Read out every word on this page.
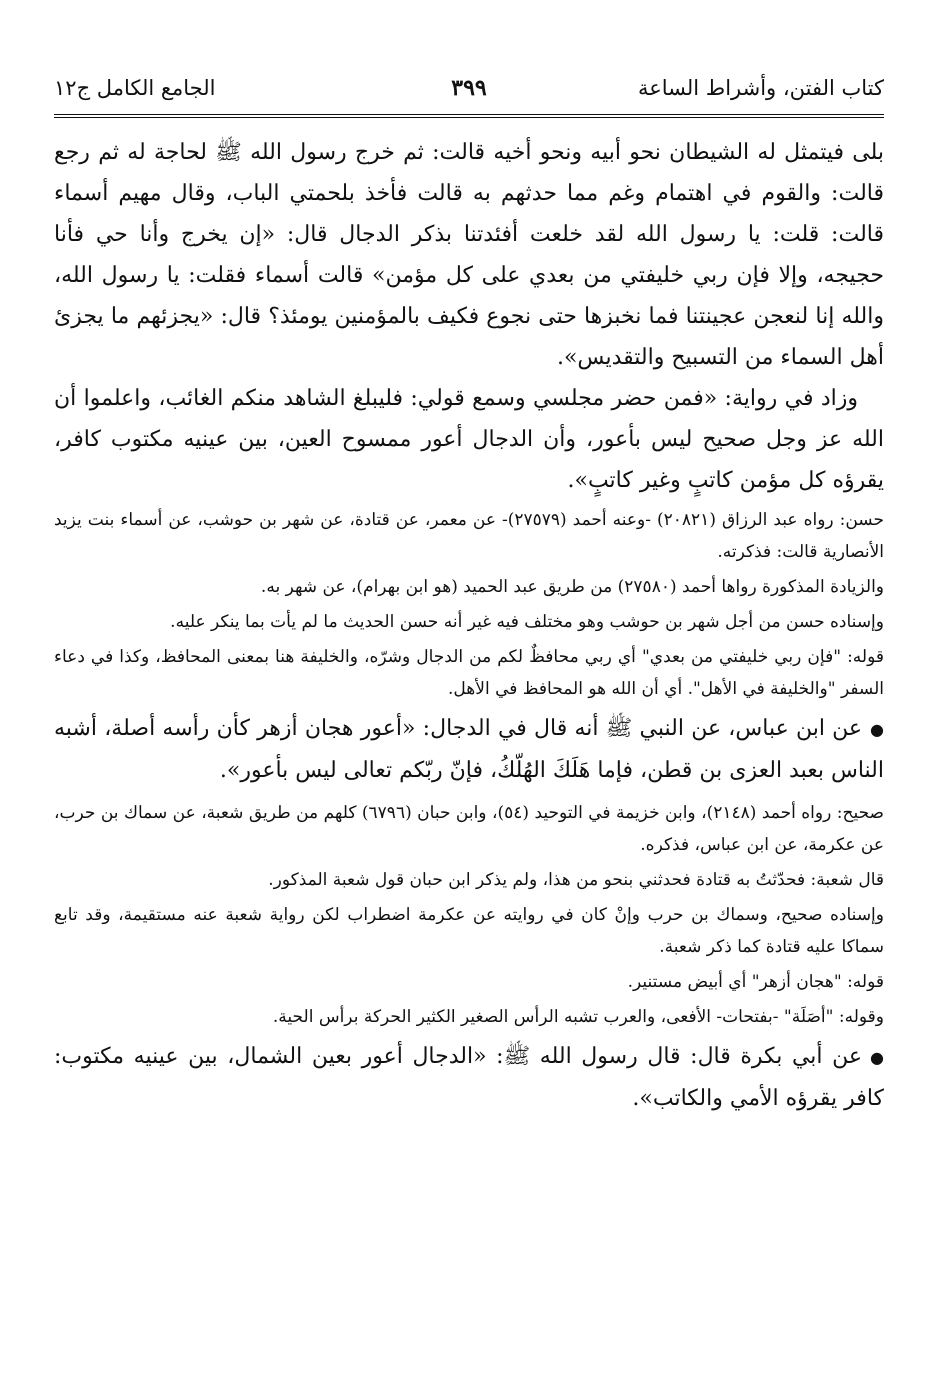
كتاب الفتن، وأشراط الساعة
٣٩٩
الجامع الكامل ج١٢

بلى فيتمثل له الشيطان نحو أبيه ونحو أخيه قالت: ثم خرج رسول الله ﷺ لحاجة له ثم رجع قالت: والقوم في اهتمام وغم مما حدثهم به قالت فأخذ بلحمتي الباب، وقال مهيم أسماء قالت: قلت: يا رسول الله لقد خلعت أفئدتنا بذكر الدجال قال: «إن يخرج وأنا حي فأنا حجيجه، وإلا فإن ربي خليفتي من بعدي على كل مؤمن» قالت أسماء فقلت: يا رسول الله، والله إنا لنعجن عجينتنا فما نخبزها حتى نجوع فكيف بالمؤمنين يومئذ؟ قال: «يجزئهم ما يجزئ أهل السماء من التسبيح والتقديس».

وزاد في رواية: «فمن حضر مجلسي وسمع قولي: فليبلغ الشاهد منكم الغائب، واعلموا أن الله عز وجل صحيح ليس بأعور، وأن الدجال أعور ممسوح العين، بين عينيه مكتوب كافر، يقرؤه كل مؤمن كاتبٍ وغير كاتبٍ».

حسن: رواه عبد الرزاق (٢٠٨٢١) -وعنه أحمد (٢٧٥٧٩)- عن معمر، عن قتادة، عن شهر بن حوشب، عن أسماء بنت يزيد الأنصارية قالت: فذكرته.

والزيادة المذكورة رواها أحمد (٢٧٥٨٠) من طريق عبد الحميد (هو ابن بهرام)، عن شهر به.

وإسناده حسن من أجل شهر بن حوشب وهو مختلف فيه غير أنه حسن الحديث ما لم يأت بما ينكر عليه.

قوله: "فإن ربي خليفتي من بعدي" أي ربي محافظٌ لكم من الدجال وشرّه، والخليفة هنا بمعنى المحافظ، وكذا في دعاء السفر "والخليفة في الأهل". أي أن الله هو المحافظ في الأهل.

●عن ابن عباس، عن النبي ﷺ أنه قال في الدجال: «أعور هجان أزهر كأن رأسه أصلة، أشبه الناس بعبد العزى بن قطن، فإما هَلَكَ الهُلّكُ، فإنّ ربّكم تعالى ليس بأعور».

صحيح: رواه أحمد (٢١٤٨)، وابن خزيمة في التوحيد (٥٤)، وابن حبان (٦٧٩٦) كلهم من طريق شعبة، عن سماك بن حرب، عن عكرمة، عن ابن عباس، فذكره.

قال شعبة: فحدّثتُ به قتادة فحدثني بنحو من هذا، ولم يذكر ابن حبان قول شعبة المذكور.

وإسناده صحيح، وسماك بن حرب وإنْ كان في روايته عن عكرمة اضطراب لكن رواية شعبة عنه مستقيمة، وقد تابع سماكا عليه قتادة كما ذكر شعبة.

قوله: "هجان أزهر" أي أبيض مستنير.

وقوله: "أصَلَة" -بفتحات- الأفعى، والعرب تشبه الرأس الصغير الكثير الحركة برأس الحية.

●عن أبي بكرة قال: قال رسول الله ﷺ: «الدجال أعور بعين الشمال، بين عينيه مكتوب: كافر يقرؤه الأمي والكاتب».
